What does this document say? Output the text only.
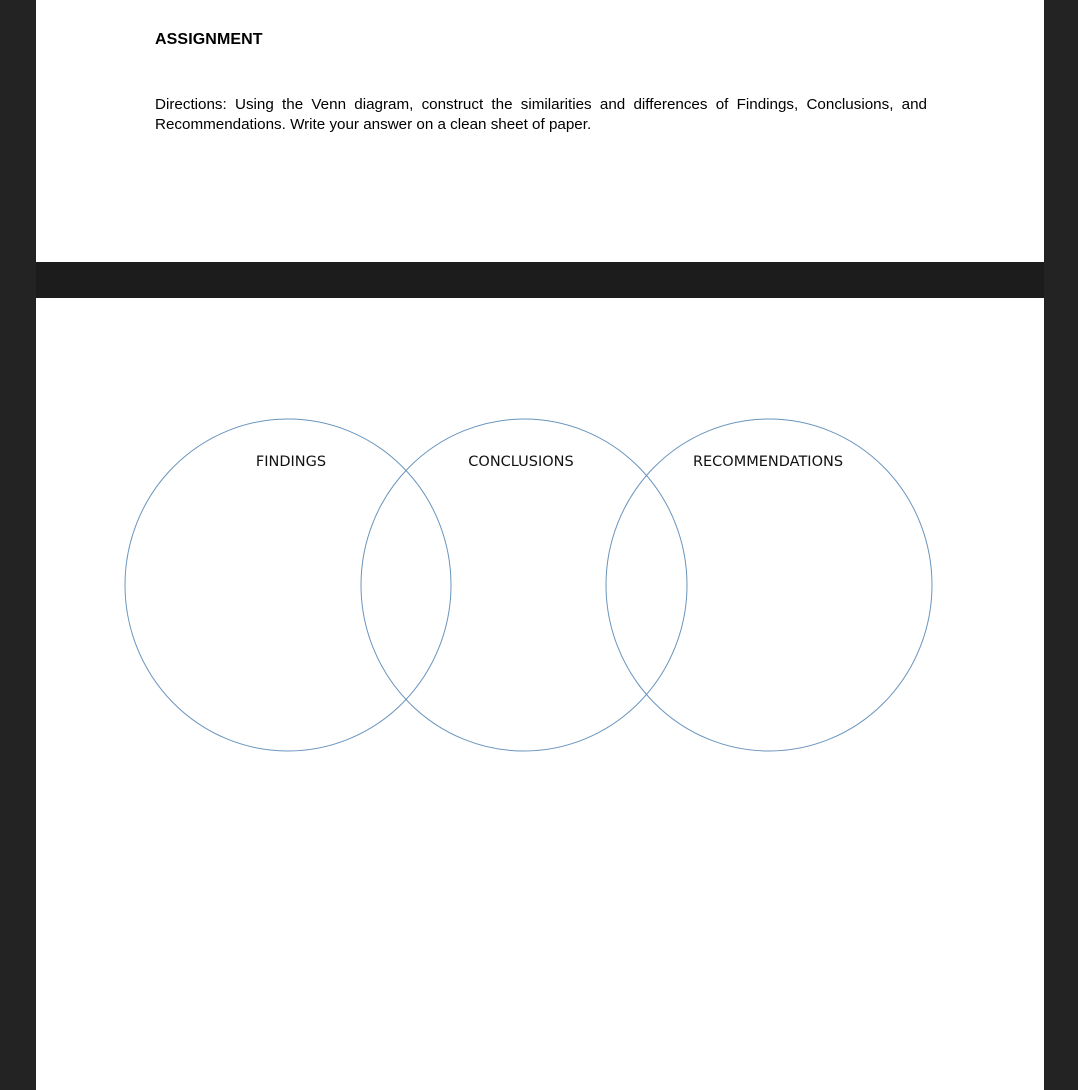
ASSIGNMENT
Directions: Using the Venn diagram, construct the similarities and differences of Findings, Conclusions, and Recommendations. Write your answer on a clean sheet of paper.
FINDINGS	CONCLUSIONS	RECOMMENDATIONS
